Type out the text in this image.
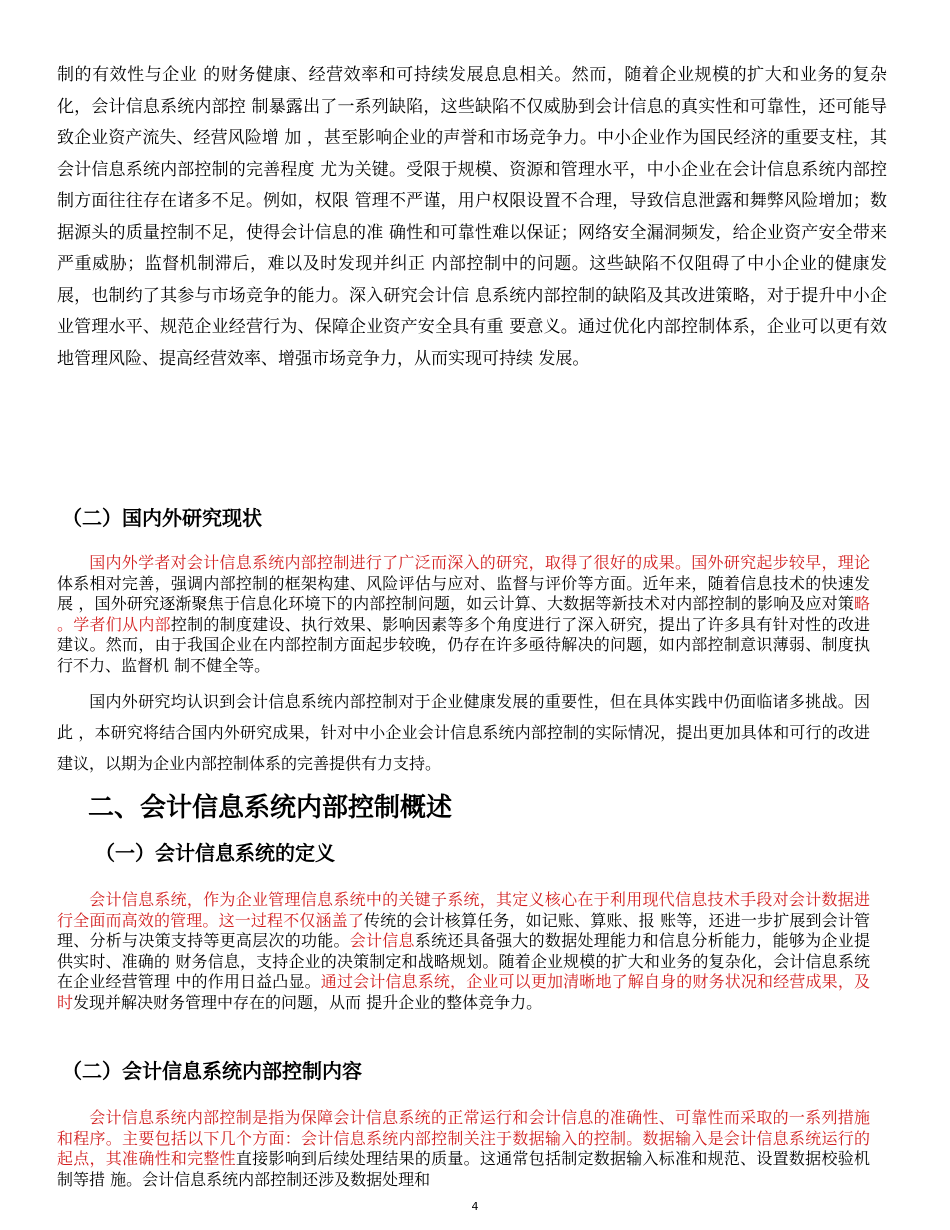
制的有效性与企业 的财务健康、经营效率和可持续发展息息相关。然而，随着企业规模的扩大和业务的复杂化，会计信息系统内部控 制暴露出了一系列缺陷，这些缺陷不仅威胁到会计信息的真实性和可靠性，还可能导致企业资产流失、经营风险增 加 ，甚至影响企业的声誉和市场竞争力。中小企业作为国民经济的重要支柱，其会计信息系统内部控制的完善程度 尤为关键。受限于规模、资源和管理水平，中小企业在会计信息系统内部控制方面往往存在诸多不足。例如，权限 管理不严谨，用户权限设置不合理，导致信息泄露和舞弊风险增加；数据源头的质量控制不足，使得会计信息的准 确性和可靠性难以保证；网络安全漏洞频发，给企业资产安全带来严重威胁；监督机制滞后，难以及时发现并纠正 内部控制中的问题。这些缺陷不仅阻碍了中小企业的健康发展，也制约了其参与市场竞争的能力。深入研究会计信 息系统内部控制的缺陷及其改进策略，对于提升中小企业管理水平、规范企业经营行为、保障企业资产安全具有重 要意义。通过优化内部控制体系，企业可以更有效地管理风险、提高经营效率、增强市场竞争力，从而实现可持续 发展。
（二）国内外研究现状
国内外学者对会计信息系统内部控制进行了广泛而深入的研究，取得了很好的成果。国外研究起步较早，理论体系相对完善，强调内部控制的框架构建、风险评估与应对、监督与评价等方面。近年来，随着信息技术的快速发 展 ，国外研究逐渐聚焦于信息化环境下的内部控制问题，如云计算、大数据等新技术对内部控制的影响及应对策略 。学者们从内部控制的制度建设、执行效果、影响因素等多个角度进行了深入研究，提出了许多具有针对性的改进建议。然而，由于我国企业在内部控制方面起步较晚，仍存在许多亟待解决的问题，如内部控制意识薄弱、制度执行不力、监督机 制不健全等。
国内外研究均认识到会计信息系统内部控制对于企业健康发展的重要性，但在具体实践中仍面临诸多挑战。因 此 ，本研究将结合国内外研究成果，针对中小企业会计信息系统内部控制的实际情况，提出更加具体和可行的改进 建议，以期为企业内部控制体系的完善提供有力支持。
二、会计信息系统内部控制概述
（一）会计信息系统的定义
会计信息系统，作为企业管理信息系统中的关键子系统，其定义核心在于利用现代信息技术手段对会计数据进行全面而高效的管理。这一过程不仅涵盖了传统的会计核算任务，如记账、算账、报 账等，还进一步扩展到会计管理、分析与决策支持等更高层次的功能。会计信息系统还具备强大的数据处理能力和信息分析能力，能够为企业提供实时、准确的 财务信息，支持企业的决策制定和战略规划。随着企业规模的扩大和业务的复杂化，会计信息系统在企业经营管理 中的作用日益凸显。通过会计信息系统，企业可以更加清晰地了解自身的财务状况和经营成果，及时发现并解决财务管理中存在的问题，从而 提升企业的整体竞争力。
（二）会计信息系统内部控制内容
会计信息系统内部控制是指为保障会计信息系统的正常运行和会计信息的准确性、可靠性而采取的一系列措施和程序。主要包括以下几个方面：会计信息系统内部控制关注于数据输入的控制。数据输入是会计信息系统运行的起点，其准确性和完整性直接影响到后续处理结果的质量。这通常包括制定数据输入标准和规范、设置数据校验机制等措 施。会计信息系统内部控制还涉及数据处理和
4
